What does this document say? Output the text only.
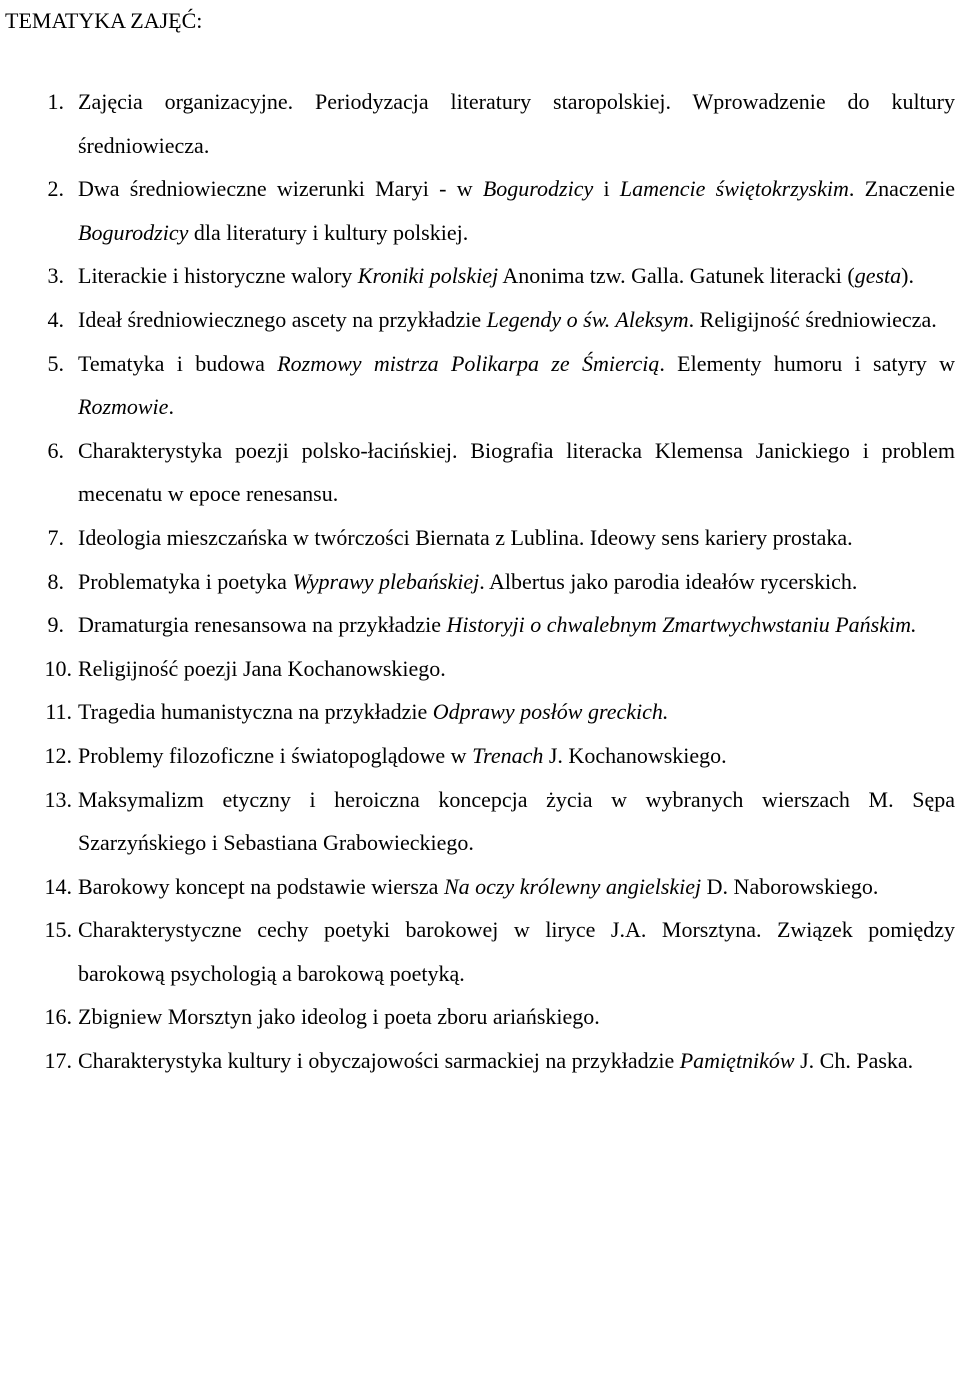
TEMATYKA ZAJĘĆ:
1. Zajęcia organizacyjne. Periodyzacja literatury staropolskiej. Wprowadzenie do kultury średniowiecza.
2. Dwa średniowieczne wizerunki Maryi - w Bogurodzicy i Lamencie świętokrzyskim. Znaczenie Bogurodzicy dla literatury i kultury polskiej.
3. Literackie i historyczne walory Kroniki polskiej Anonima tzw. Galla. Gatunek literacki (gesta).
4. Ideał średniowiecznego ascety na przykładzie Legendy o św. Aleksym. Religijność średniowiecza.
5. Tematyka i budowa Rozmowy mistrza Polikarpa ze Śmiercią. Elementy humoru i satyry w Rozmowie.
6. Charakterystyka poezji polsko-łacińskiej. Biografia literacka Klemensa Janickiego i problem mecenatu w epoce renesansu.
7. Ideologia mieszczańska w twórczości Biernata z Lublina. Ideowy sens kariery prostaka.
8. Problematyka i poetyka Wyprawy plebańskiej. Albertus jako parodia ideałów rycerskich.
9. Dramaturgia renesansowa na przykładzie Historyji o chwalebnym Zmartwychwstaniu Pańskim.
10. Religijność poezji Jana Kochanowskiego.
11. Tragedia humanistyczna na przykładzie Odprawy posłów greckich.
12. Problemy filozoficzne i światopoglądowe w Trenach J. Kochanowskiego.
13. Maksymalizm etyczny i heroiczna koncepcja życia w wybranych wierszach M. Sępa Szarzyńskiego i Sebastiana Grabowieckiego.
14. Barokowy koncept na podstawie wiersza Na oczy królewny angielskiej D. Naborowskiego.
15. Charakterystyczne cechy poetyki barokowej w liryce J.A. Morsztyna. Związek pomiędzy barokową psychologią a barokową poetyką.
16. Zbigniew Morsztyn jako ideolog i poeta zboru ariańskiego.
17. Charakterystyka kultury i obyczajowości sarmackiej na przykładzie Pamiętników J. Ch. Paska.
